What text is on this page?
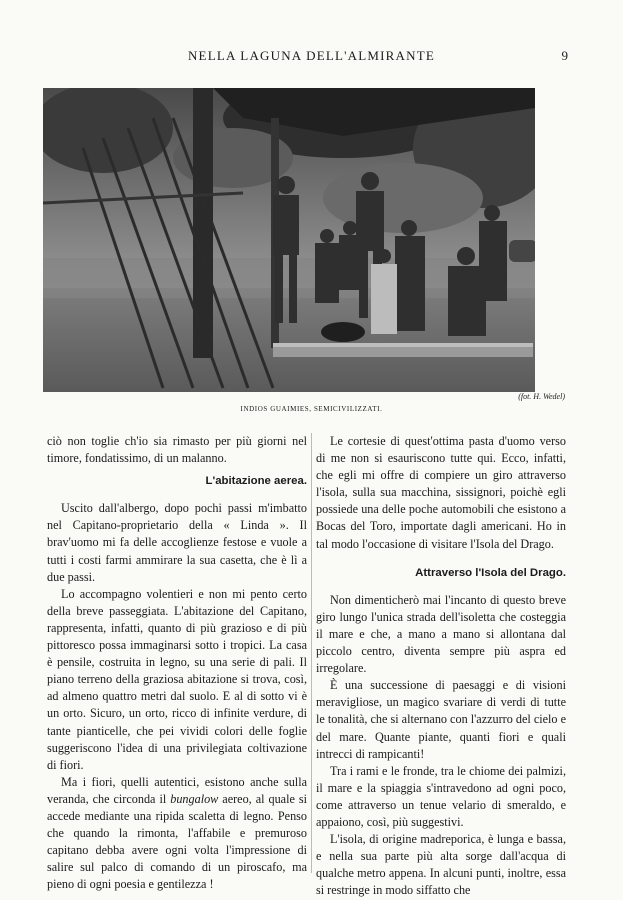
NELLA LAGUNA DELL'ALMIRANTE	9
(fot. H. Wedel)
INDIOS GUAIMIES, SEMICIVILIZZATI.

ciò non toglie ch'io sia rimasto per più giorni nel timore, fondatissimo, di un malanno.

L'abitazione aerea.

Uscito dall'albergo, dopo pochi passi m'imbatto nel Capitano-proprietario della « Linda ». Il brav'uomo mi fa delle accoglienze festose e vuole a tutti i costi farmi ammirare la sua casetta, che è lì a due passi.

Lo accompagno volentieri e non mi pento certo della breve passeggiata. L'abitazione del Capitano, rappresenta, infatti, quanto di più grazioso e di più pittoresco possa immaginarsi sotto i tropici. La casa è pensile, costruita in legno, su una serie di pali. Il piano terreno della graziosa abitazione si trova, così, ad almeno quattro metri dal suolo. E al di sotto vi è un orto. Sicuro, un orto, ricco di infinite verdure, di tante pianticelle, che pei vividi colori delle foglie suggeriscono l'idea di una privilegiata coltivazione di fiori.

Ma i fiori, quelli autentici, esistono anche sulla veranda, che circonda il bungalow aereo, al quale si accede mediante una ripida scaletta di legno. Penso che quando la rimonta, l'affabile e premuroso capitano debba avere ogni volta l'impressione di salire sul palco di comando di un piroscafo, ma pieno di ogni poesia e gentilezza !

Le cortesie di quest'ottima pasta d'uomo verso di me non si esauriscono tutte qui. Ecco, infatti, che egli mi offre di compiere un giro attraverso l'isola, sulla sua macchina, sissignori, poichè egli possiede una delle poche automobili che esistono a Bocas del Toro, importate dagli americani. Ho in tal modo l'occasione di visitare l'Isola del Drago.

Attraverso l'Isola del Drago.

Non dimenticherò mai l'incanto di questo breve giro lungo l'unica strada dell'isoletta che costeggia il mare e che, a mano a mano si allontana dal piccolo centro, diventa sempre più aspra ed irregolare.

È una successione di paesaggi e di visioni meravigliose, un magico svariare di verdi di tutte le tonalità, che si alternano con l'azzurro del cielo e del mare. Quante piante, quanti fiori e quali intrecci di rampicanti!

Tra i rami e le fronde, tra le chiome dei palmizi, il mare e la spiaggia s'intravedono ad ogni poco, come attraverso un tenue velario di smeraldo, e appaiono, così, più suggestivi.

L'isola, di origine madreporica, è lunga e bassa, e nella sua parte più alta sorge dall'acqua di qualche metro appena. In alcuni punti, inoltre, essa si restringe in modo siffatto che
